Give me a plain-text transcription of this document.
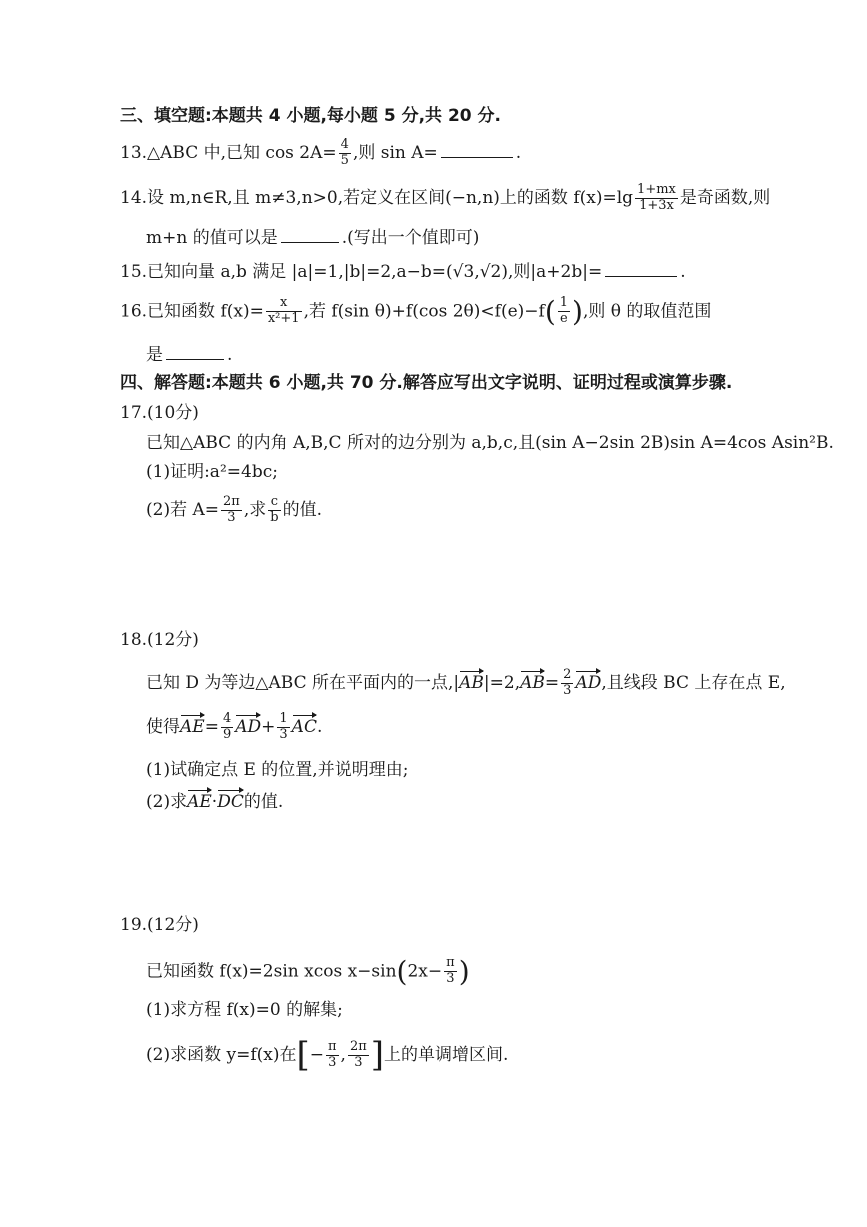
三、填空题:本题共 4 小题,每小题 5 分,共 20 分.
13.△ABC 中,已知 $\cos 2A= \frac{4}{5}$ ,则 sin A=	.
14.设 m,n∈R,且 m≠3,n>0,若定义在区间(−n,n)上的函数 $f(x)=\lg \frac{1+mx}{1+3x}$ 是奇函数,则
m+n 的值可以是	.(写出一个值即可)
15.已知向量 a,b 满足 |a|=1,|b|=2,a−b=(√3,√2),则|a+2b|=	.
16.已知函数 $f(x)= \frac{x}{\text{x²+1}}$ ,若 f(sin θ)+f(cos $2\theta)<f(e)-f( \frac{1}{e}$ ),则 θ 的取值范围
是	.
四、解答题:本题共 6 小题,共 70 分.解答应写出文字说明、证明过程或演算步骤.
17.(10分)
已知△ABC 的内角 A,B,C 所对的边分别为 a,b,c,且(sin A−2sin 2B)sin A=4cos Asin²B.
(1)证明:a²=4bc;
(2)若 $A= \frac{2\pi}{3}$ ,求 $\frac{c}{b}$ 的值.
18.(12分)
已知 D 为等边△ABC 所在平面内的一点$,|AB|=2,AB= \frac{2}{3}$ AD,且线段 BC 上存在点 E,
使得$AE= \frac{4}{9} AD+ \frac{1}{3}$ AC.
(1)试确定点 E 的位置,并说明理由;
(2)求AE·DC的值.
19.(12分)
已知函数 f(x)=2sin xcos $x-\sin(2x- \frac{\pi}{3}$ )
(1)求方程 f(x)=0 的解集;
(2)求函数 y=f(x)在[− $\frac{\pi}{3}$ , $\frac{2\pi}{3}$ ]上的单调增区间.
